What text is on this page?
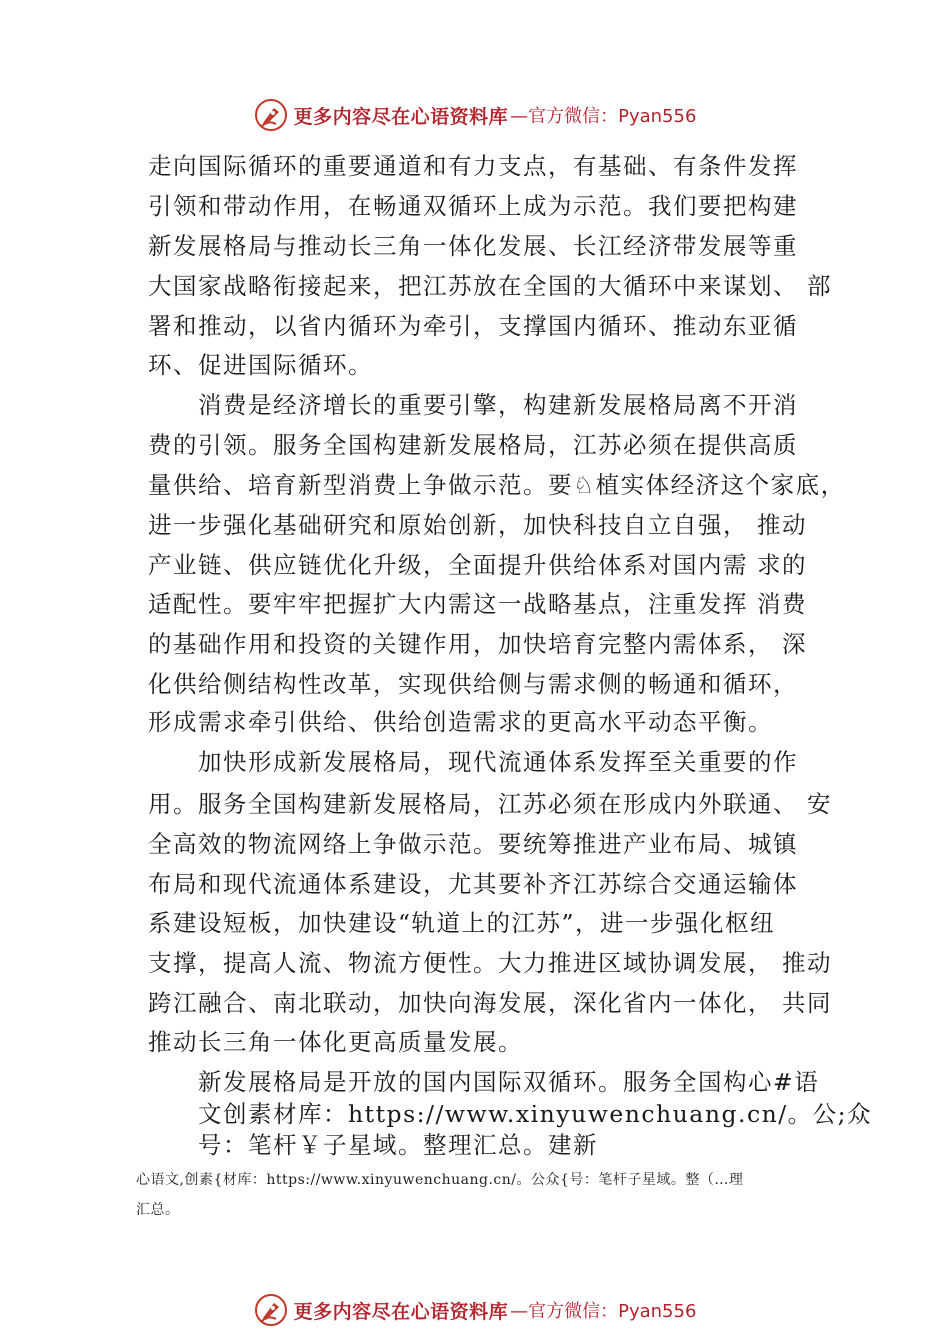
更多内容尽在心语资料库 —官方微信：Pyan556
走向国际循环的重要通道和有力支点，有基础、有条件发挥
引领和带动作用，在畅通双循环上成为示范。我们要把构建
新发展格局与推动长三角一体化发展、长江经济带发展等重
大国家战略衔接起来，把江苏放在全国的大循环中来谋划、 部
署和推动，以省内循环为牵引，支撑国内循环、推动东亚循
环、促进国际循环。
消费是经济增长的重要引擎，构建新发展格局离不开消
费的引领。服务全国构建新发展格局，江苏必须在提供高质
量供给、培育新型消费上争做示范。要♘植实体经济这个家底，
进一步强化基础研究和原始创新，加快科技自立自强， 推动
产业链、供应链优化升级，全面提升供给体系对国内需 求的
适配性。要牢牢把握扩大内需这一战略基点，注重发挥 消费
的基础作用和投资的关键作用，加快培育完整内需体系， 深
化供给侧结构性改革，实现供给侧与需求侧的畅通和循环，
形成需求牵引供给、供给创造需求的更高水平动态平衡。
加快形成新发展格局，现代流通体系发挥至关重要的作
用。服务全国构建新发展格局，江苏必须在形成内外联通、 安
全高效的物流网络上争做示范。要统筹推进产业布局、城镇
布局和现代流通体系建设，尤其要补齐江苏综合交通运输体
系建设短板，加快建设“轨道上的江苏”，进一步强化枢纽
支撑，提高人流、物流方便性。大力推进区域协调发展， 推动
跨江融合、南北联动，加快向海发展，深化省内一体化， 共同
推动长三角一体化更高质量发展。
新发展格局是开放的国内国际双循环。服务全国构心#语
文创素材库：https://www.xinyuwenchuang.cn/。公;众
号：笔杆￥子星域。整理汇总。建新
心语文,创素{材库：https://www.xinyuwenchuang.cn/。公众{号：笔杆子星域。整（…理
汇总。
更多内容尽在心语资料库 —官方微信：Pyan556
